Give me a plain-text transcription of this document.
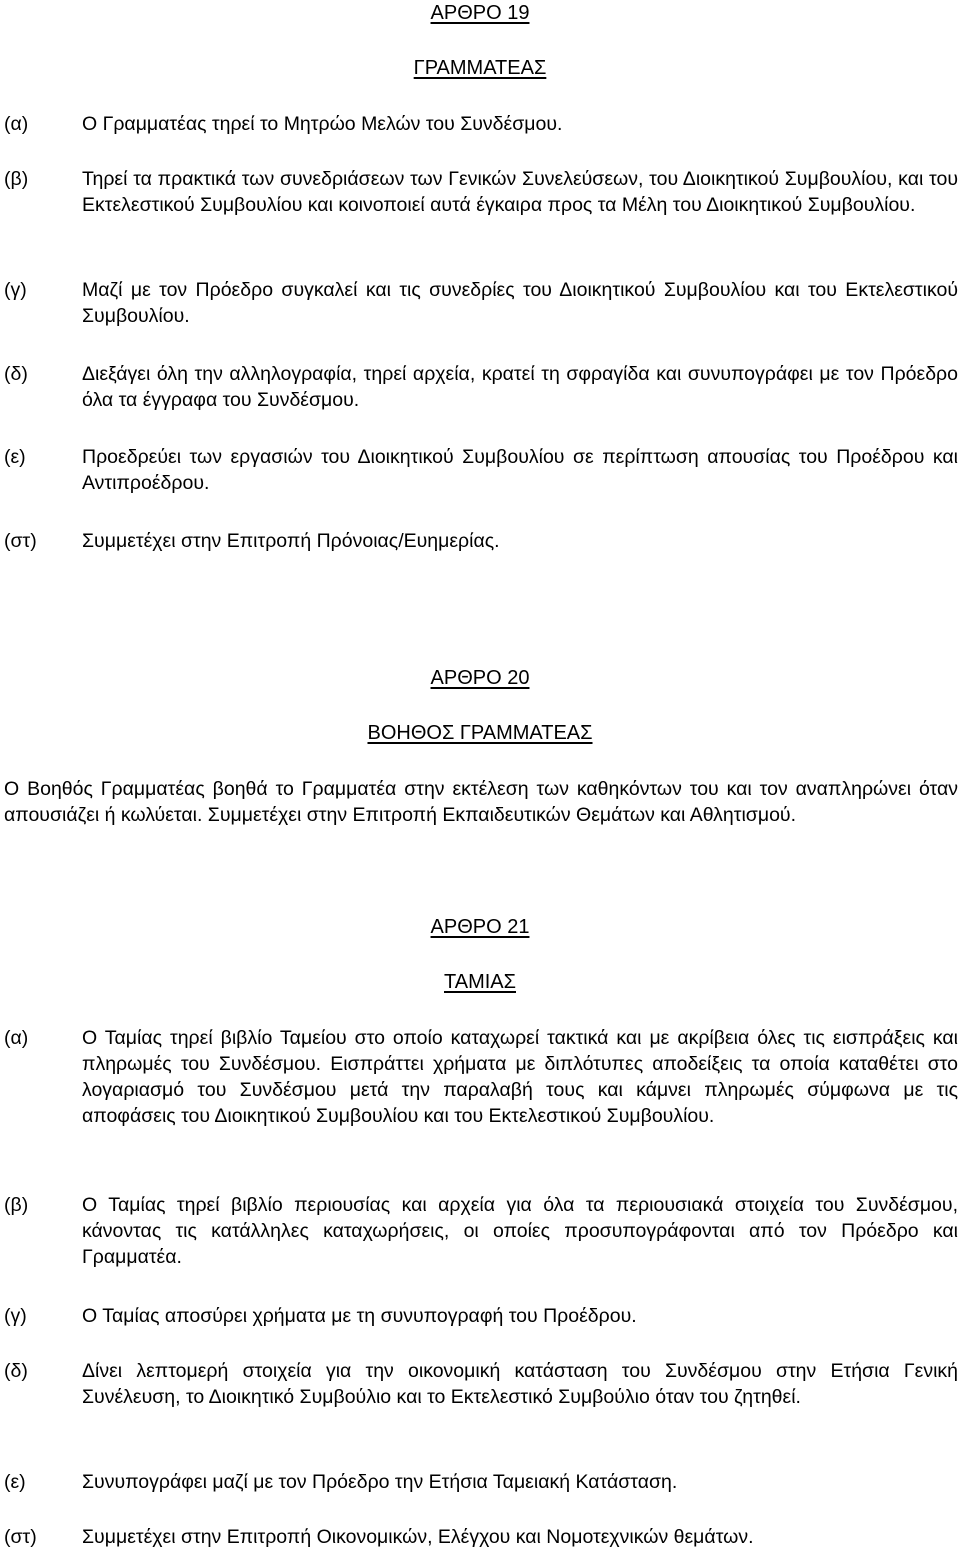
ΑΡΘΡΟ 19
ΓΡΑΜΜΑΤΕΑΣ
(α)	Ο Γραμματέας τηρεί το Μητρώο Μελών του Συνδέσμου.
(β)	Τηρεί τα πρακτικά των συνεδριάσεων των Γενικών Συνελεύσεων, του Διοικητικού Συμβουλίου, και του Εκτελεστικού Συμβουλίου και κοινοποιεί αυτά έγκαιρα προς τα Μέλη του Διοικητικού Συμβουλίου.
(γ)	Μαζί με τον Πρόεδρο συγκαλεί και τις συνεδρίες του Διοικητικού Συμβουλίου και του Εκτελεστικού Συμβουλίου.
(δ)	Διεξάγει όλη την αλληλογραφία, τηρεί αρχεία, κρατεί τη σφραγίδα και συνυπογράφει με τον Πρόεδρο όλα τα έγγραφα του Συνδέσμου.
(ε)	Προεδρεύει των εργασιών του Διοικητικού Συμβουλίου σε περίπτωση απουσίας του Προέδρου και Αντιπροέδρου.
(στ) Συμμετέχει στην Επιτροπή Πρόνοιας/Ευημερίας.
ΑΡΘΡΟ 20
ΒΟΗΘΟΣ ΓΡΑΜΜΑΤΕΑΣ
Ο Βοηθός Γραμματέας βοηθά το Γραμματέα στην εκτέλεση των καθηκόντων του και τον αναπληρώνει όταν απουσιάζει ή κωλύεται. Συμμετέχει στην Επιτροπή Εκπαιδευτικών Θεμάτων και Αθλητισμού.
ΑΡΘΡΟ 21
ΤΑΜΙΑΣ
(α)	Ο Ταμίας τηρεί βιβλίο Ταμείου στο οποίο καταχωρεί τακτικά και με ακρίβεια όλες τις εισπράξεις και πληρωμές του Συνδέσμου. Εισπράττει χρήματα με διπλότυπες αποδείξεις τα οποία καταθέτει στο λογαριασμό του Συνδέσμου μετά την παραλαβή τους και κάμνει πληρωμές σύμφωνα με τις αποφάσεις του Διοικητικού Συμβουλίου και του Εκτελεστικού Συμβουλίου.
(β)	Ο Ταμίας τηρεί βιβλίο περιουσίας και αρχεία για όλα τα περιουσιακά στοιχεία του Συνδέσμου, κάνοντας τις κατάλληλες καταχωρήσεις, οι οποίες προσυπογράφονται από τον Πρόεδρο και Γραμματέα.
(γ)	Ο Ταμίας αποσύρει χρήματα με τη συνυπογραφή του Προέδρου.
(δ)	Δίνει λεπτομερή στοιχεία για την οικονομική κατάσταση του Συνδέσμου στην Ετήσια Γενική Συνέλευση, το Διοικητικό Συμβούλιο και το Εκτελεστικό Συμβούλιο όταν του ζητηθεί.
(ε)	Συνυπογράφει μαζί με τον Πρόεδρο την Ετήσια Ταμειακή Κατάσταση.
(στ) Συμμετέχει στην Επιτροπή Οικονομικών, Ελέγχου και Νομοτεχνικών θεμάτων.
